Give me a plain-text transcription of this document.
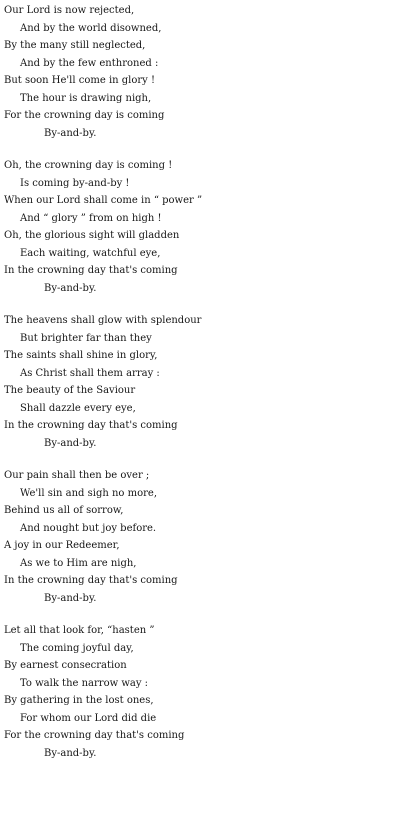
Our Lord is now rejected,
And by the world disowned,
By the many still neglected,
And by the few enthroned :
But soon He'll come in glory !
The hour is drawing nigh,
For the crowning day is coming
By-and-by.
Oh, the crowning day is coming !
Is coming by-and-by !
When our Lord shall come in “ power ”
And “ glory ” from on high !
Oh, the glorious sight will gladden
Each waiting, watchful eye,
In the crowning day that's coming
By-and-by.
The heavens shall glow with splendour
But brighter far than they
The saints shall shine in glory,
As Christ shall them array :
The beauty of the Saviour
Shall dazzle every eye,
In the crowning day that's coming
By-and-by.
Our pain shall then be over ;
We'll sin and sigh no more,
Behind us all of sorrow,
And nought but joy before.
A joy in our Redeemer,
As we to Him are nigh,
In the crowning day that's coming
By-and-by.
Let all that look for, “hasten ”
The coming joyful day,
By earnest consecration
To walk the narrow way :
By gathering in the lost ones,
For whom our Lord did die
For the crowning day that's coming
By-and-by.
